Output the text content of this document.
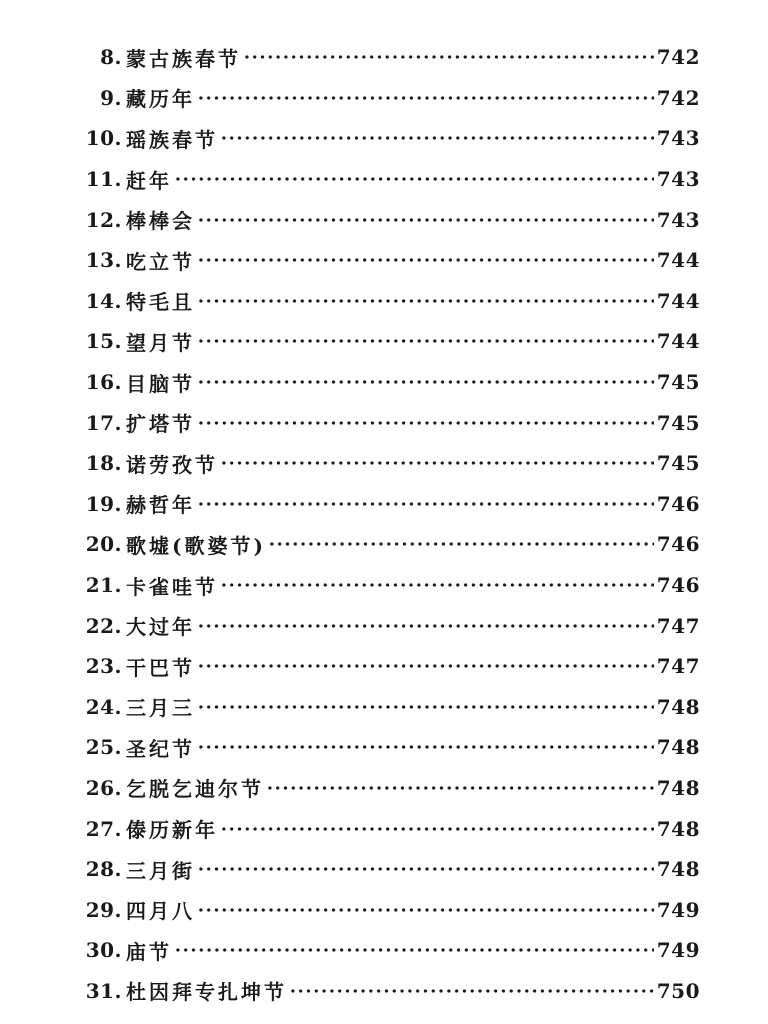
8. 蒙古族春节	742
9. 藏历年	742
10. 瑶族春节	743
11. 赶年	743
12. 棒棒会	743
13. 吃立节	744
14. 特毛且	744
15. 望月节	744
16. 目脑节	745
17. 扩塔节	745
18. 诺劳孜节	745
19. 赫哲年	746
20. 歌墟(歌婆节)	746
21. 卡雀哇节	746
22. 大过年	747
23. 干巴节	747
24. 三月三	748
25. 圣纪节	748
26. 乞脱乞迪尔节	748
27. 傣历新年	748
28. 三月街	748
29. 四月八	749
30. 庙节	749
31. 杜因拜专扎坤节	750
